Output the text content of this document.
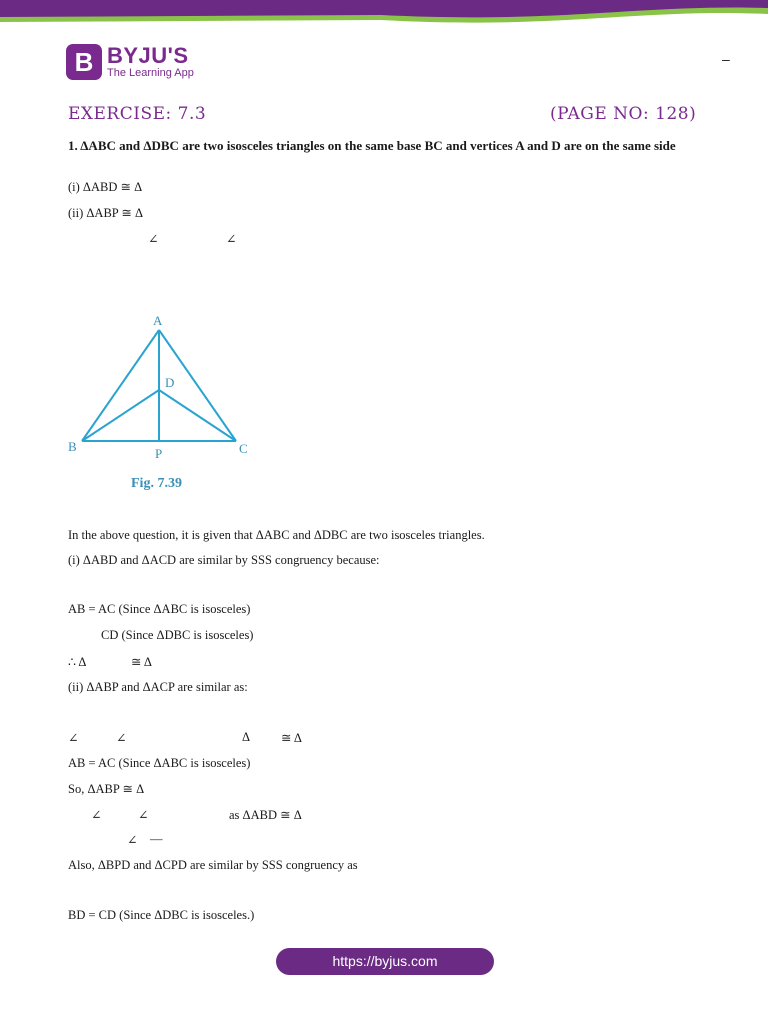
B BYJU'S
The Learning App
–
EXERCISE: 7.3	(PAGE NO: 128)
1. ΔABC and ΔDBC are two isosceles triangles on the same base BC and vertices A and D are on the same side
(i) ΔABD ≅ Δ
(ii) ΔABP ≅ Δ
∠	∠
A
D
B	C
P
Fig. 7.39
In the above question, it is given that ΔABC and ΔDBC are two isosceles triangles.
(i) ΔABD and ΔACD are similar by SSS congruency because:
AB = AC (Since ΔABC is isosceles)
CD (Since ΔDBC is isosceles)
∴ Δ	≅ Δ
(ii) ΔABP and ΔACP are similar as:
∠	∠	Δ ≅ Δ
AB = AC (Since ΔABC is isosceles)
So, ΔABP ≅ Δ
∠	∠	as ΔABD ≅ Δ
∠ —
Also, ΔBPD and ΔCPD are similar by SSS congruency as
BD = CD (Since ΔDBC is isosceles.)
https://byjus.com
